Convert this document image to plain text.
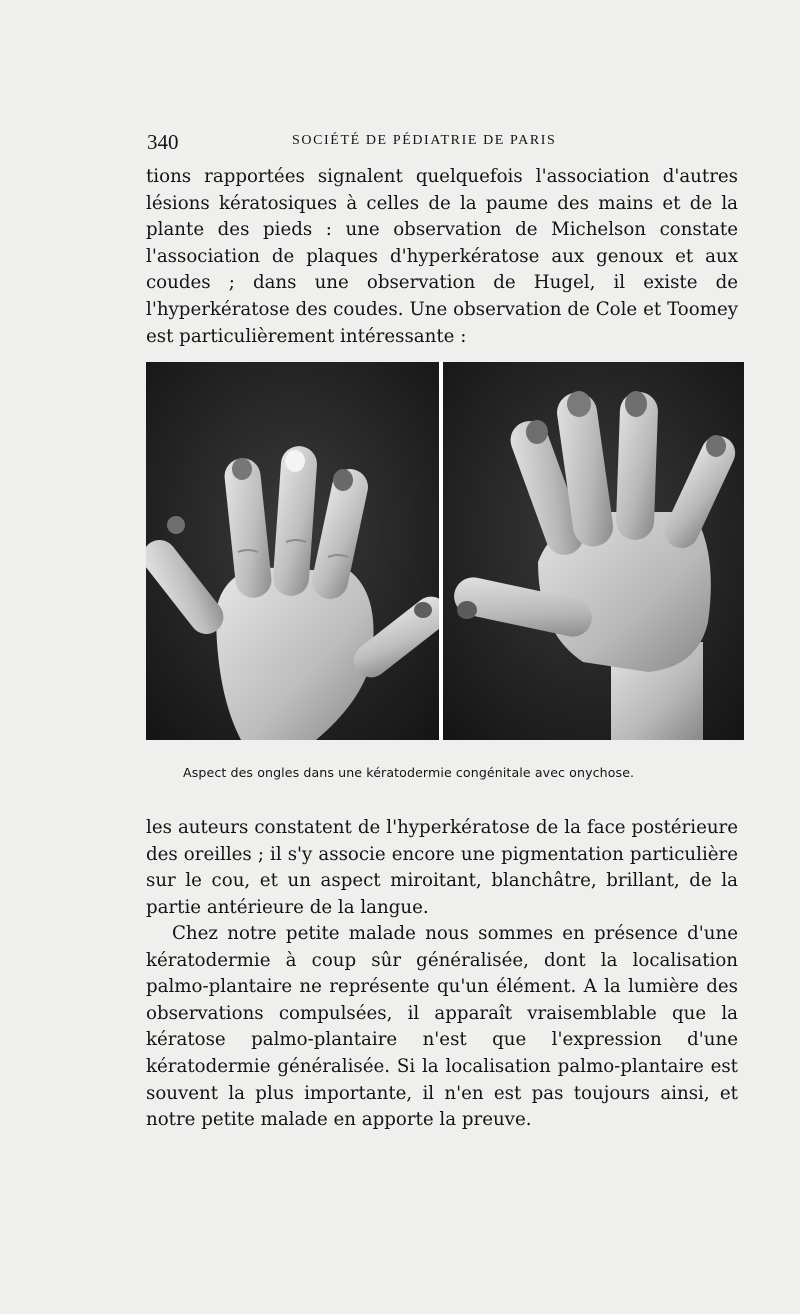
340	SOCIÉTÉ DE PÉDIATRIE DE PARIS

tions rapportées signalent quelquefois l'association d'autres lésions kératosiques à celles de la paume des mains et de la plante des pieds : une observation de Michelson constate l'association de plaques d'hyperkératose aux genoux et aux coudes ; dans une observation de Hugel, il existe de l'hyperkératose des coudes. Une observation de Cole et Toomey est particulièrement intéressante :

Aspect des ongles dans une kératodermie congénitale avec onychose.

les auteurs constatent de l'hyperkératose de la face postérieure des oreilles ; il s'y associe encore une pigmentation particulière sur le cou, et un aspect miroitant, blanchâtre, brillant, de la partie antérieure de la langue.

Chez notre petite malade nous sommes en présence d'une kératodermie à coup sûr généralisée, dont la localisation palmo-plantaire ne représente qu'un élément. A la lumière des observations compulsées, il apparaît vraisemblable que la kératose palmo-plantaire n'est que l'expression d'une kératodermie généralisée. Si la localisation palmo-plantaire est souvent la plus importante, il n'en est pas toujours ainsi, et notre petite malade en apporte la preuve.
